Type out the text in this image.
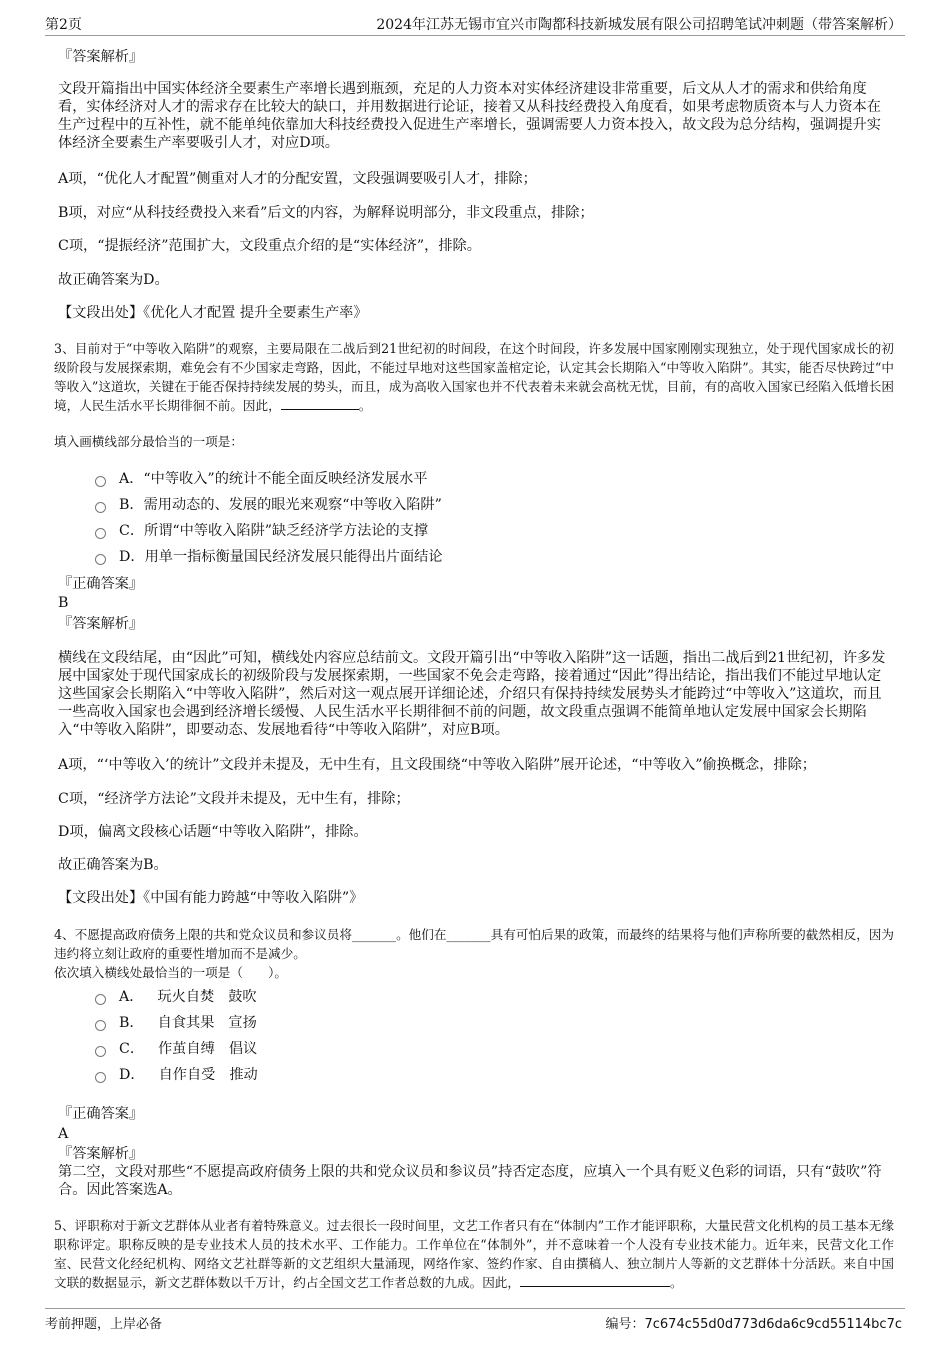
第2页	2024年江苏无锡市宜兴市陶都科技新城发展有限公司招聘笔试冲刺题（带答案解析）
『答案解析』
文段开篇指出中国实体经济全要素生产率增长遇到瓶颈，充足的人力资本对实体经济建设非常重要，后文从人才的需求和供给角度看，实体经济对人才的需求存在比较大的缺口，并用数据进行论证，接着又从科技经费投入角度看，如果考虑物质资本与人力资本在生产过程中的互补性，就不能单纯依靠加大科技经费投入促进生产率增长，强调需要人力资本投入，故文段为总分结构，强调提升实体经济全要素生产率要吸引人才，对应D项。
A项，“优化人才配置”侧重对人才的分配安置，文段强调要吸引人才，排除；
B项，对应“从科技经费投入来看”后文的内容，为解释说明部分，非文段重点，排除；
C项，“提振经济”范围扩大，文段重点介绍的是“实体经济”，排除。
故正确答案为D。
【文段出处】《优化人才配置 提升全要素生产率》
3、目前对于“中等收入陷阱”的观察，主要局限在二战后到21世纪初的时间段，在这个时间段，许多发展中国家刚刚实现独立，处于现代国家成长的初级阶段与发展探索期，难免会有不少国家走弯路，因此，不能过早地对这些国家盖棺定论，认定其会长期陷入“中等收入陷阱”。其实，能否尽快跨过“中等收入”这道坎，关键在于能否保持持续发展的势头，而且，成为高收入国家也并不代表着未来就会高枕无忧，目前，有的高收入国家已经陷入低增长困境，人民生活水平长期徘徊不前。因此，	。
填入画横线部分最恰当的一项是：
A．“中等收入”的统计不能全面反映经济发展水平
B．需用动态的、发展的眼光来观察“中等收入陷阱”
C．所谓“中等收入陷阱”缺乏经济学方法论的支撑
D．用单一指标衡量国民经济发展只能得出片面结论
『正确答案』
B
『答案解析』
横线在文段结尾，由“因此”可知，横线处内容应总结前文。文段开篇引出“中等收入陷阱”这一话题，指出二战后到21世纪初，许多发展中国家处于现代国家成长的初级阶段与发展探索期，一些国家不免会走弯路，接着通过“因此”得出结论，指出我们不能过早地认定这些国家会长期陷入“中等收入陷阱”，然后对这一观点展开详细论述，介绍只有保持持续发展势头才能跨过“中等收入”这道坎，而且一些高收入国家也会遇到经济增长缓慢、人民生活水平长期徘徊不前的问题，故文段重点强调不能简单地认定发展中国家会长期陷入“中等收入陷阱”，即要动态、发展地看待“中等收入陷阱”，对应B项。
A项，“‘中等收入’的统计”文段并未提及，无中生有，且文段围绕“中等收入陷阱”展开论述，“中等收入”偷换概念，排除；
C项，“经济学方法论”文段并未提及，无中生有，排除；
D项，偏离文段核心话题“中等收入陷阱”，排除。
故正确答案为B。
【文段出处】《中国有能力跨越“中等收入陷阱”》
4、不愿提高政府债务上限的共和党众议员和参议员将_______。他们在_______具有可怕后果的政策，而最终的结果将与他们声称所要的截然相反，因为违约将立刻让政府的重要性增加而不是减少。
依次填入横线处最恰当的一项是（　　）。
A． 玩火自焚 鼓吹
B． 自食其果 宣扬
C． 作茧自缚 倡议
D． 自作自受 推动
『正确答案』
A
『答案解析』
第二空，文段对那些“不愿提高政府债务上限的共和党众议员和参议员”持否定态度，应填入一个具有贬义色彩的词语，只有“鼓吹”符合。因此答案选A。
5、评职称对于新文艺群体从业者有着特殊意义。过去很长一段时间里，文艺工作者只有在“体制内”工作才能评职称，大量民营文化机构的员工基本无缘职称评定。职称反映的是专业技术人员的技术水平、工作能力。工作单位在“体制外”，并不意味着一个人没有专业技术能力。近年来，民营文化工作室、民营文化经纪机构、网络文艺社群等新的文艺组织大量涌现，网络作家、签约作家、自由撰稿人、独立制片人等新的文艺群体十分活跃。来自中国文联的数据显示，新文艺群体数以千万计，约占全国文艺工作者总数的九成。因此，	。
考前押题，上岸必备	编号：7c674c55d0d773d6da6c9cd55114bc7c
